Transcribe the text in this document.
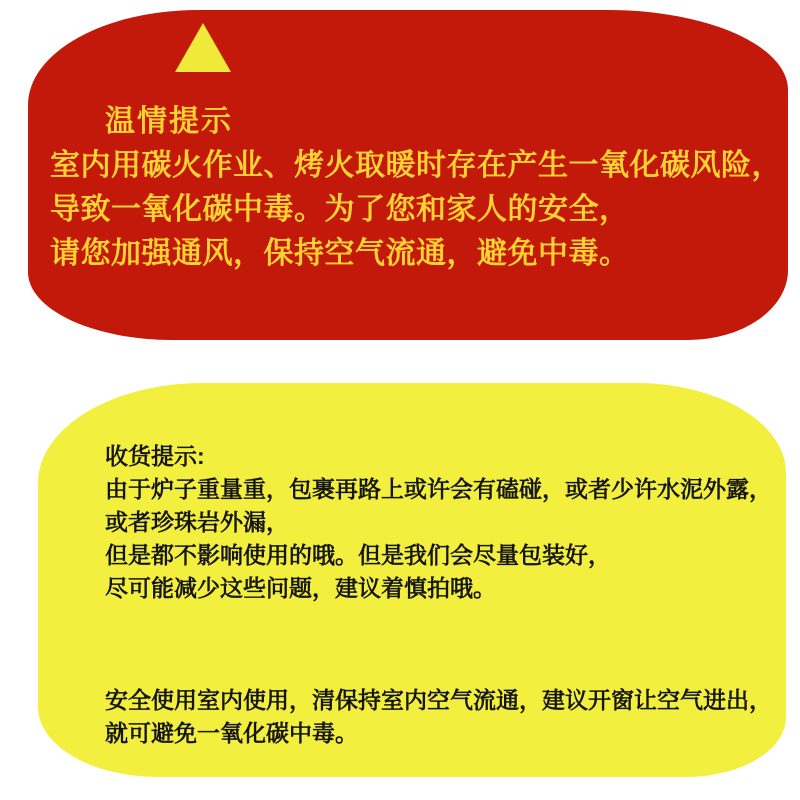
温情提示

室内用碳火作业、烤火取暖时存在产生一氧化碳风险，

导致一氧化碳中毒。为了您和家人的安全，

请您加强通风，保持空气流通，避免中毒。

收货提示:

由于炉子重量重，包裹再路上或许会有磕碰，或者少许水泥外露，

或者珍珠岩外漏，

但是都不影响使用的哦。但是我们会尽量包装好，

尽可能减少这些问题，建议着慎拍哦。

安全使用室内使用，清保持室内空气流通，建议开窗让空气进出，

就可避免一氧化碳中毒。
